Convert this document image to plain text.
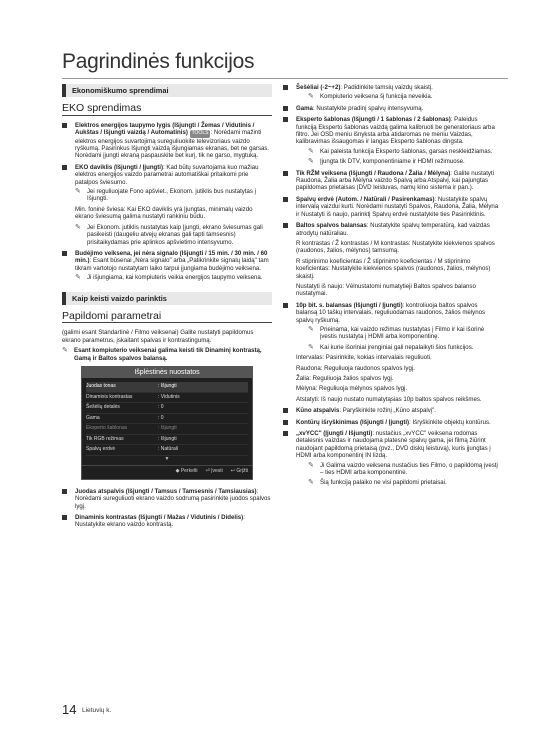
Pagrindinės funkcijos
Ekonomiškumo sprendimai
EKO sprendimas
Elektros energijos taupymo lygis (Išjungti / Žemas / Vidutinis / Aukštas / Išjungti vaizdą / Automatinis) TOOLS : Norėdami mažinti elektros energijos suvartojimą sureguliuokite televizoriaus vaizdo ryškumą. Pasirinkus Išjungti vaizdą išjungiamas ekranas, bet ne garsas. Norėdami įjungti ekraną paspauskite bet kurį, tik ne garso, mygtuką.
EKO daviklis (Išjungti / Įjungti): Kad būtų suvartojama kuo mažiau elektros energijos vaizdo parametrai automatiškai pritaikomi prie patalpos šviesumo.
✎ Jei reguliuojate Fono apšviet., Ekonom. jutiklis bus nustatytas į Išjungti.
Min. foninė šviesa: Kai EKO daviklis yra Įjungtas, minimalų vaizdo ekrano šviesumą galima nustatyti rankiniu būdu.
✎ Jei Ekonom. jutiklis nustatytas kaip Įjungti, ekrano šviesumas gali pasikeisti (daugeliu atvejų ekranas gali tapti tamsesnis) prisitaikydamas prie aplinkos apšvietimo intensyvumo.
Budėjimo veiksena, jei nėra signalo (Išjungti / 15 min. / 30 min. / 60 min.): Esant būsenai „Nėra signalo" arba „Patikrinkite signalų laidą" tam tikram vartotojo nustatytam laiko tarpui įjungiama budėjimo veiksena.
✎ Ji išjungiama, kai kompiuteris veikia energijos taupymo veiksena.
Kaip keisti vaizdo parinktis
Papildomi parametrai
(galimi esant Standartinė / Filmo veiksenai) Galite nustatyti papildomus ekrano parametrus, įskaitant spalvas ir kontrastingumą.
✎ Esant kompiuterio veiksenai galima keisti tik Dinaminį kontrastą, Gamą ir Baltos spalvos balansą.
Išplėstinės nuostatos
Juodas tonas	: Išjungti
Dinaminis kontrastas	: Vidutinis
Šešėlių detalės	: 0
Gama	: 0
Eksperto šablonas	: Išjungti
Tik RGB režimas	: Išjungti
Spalvų erdvė	: Natūrali
▼
◆ Perkelti ⏎ Įvesti ↩ Grįžti
Juodas atspalvis (Išjungti / Tamsus / Tamsesnis / Tamsiausias): Norėdami sureguliuoti ekrano vaizdo sodrumą pasirinkite juodos spalvos lygį.
Dinaminis kontrastas (Išjungti / Mažas / Vidutinis / Didelis): Nustatykite ekrano vaizdo kontrastą.
Šešėliai (-2~+2): Padidinkite tamsių vaizdų skaistį.
✎ Kompiuterio veiksena šį funkcija neveikia.
Gama: Nustatykite pradinį spalvų intensyvumą.
Eksperto šablonas (Išjungti / 1 šablonas / 2 šablonas): Paleidus funkciją Eksperto šablonas vaizdą galima kalibruoti be generatoriaus arba filtro. Jei OSD meniu išnyksta arba atidaromas ne meniu Vaizdas, kalibravimas išsaugomas ir langas Eksperto šablonas dingsta.
✎ Kai paleista funkcija Eksperto šablonas, garsas neskleidžiamas.
✎ Įjungta tik DTV, komponentiniame ir HDMI režimuose.
Tik RŽM veiksena (Išjungti / Raudona / Žalia / Mėlyna): Galite nustatyti Raudona, Žalia arba Mėlyna vaizdo Spalvą arba Atspalvį, kai pajungtas papildomas prietaisas (DVD leistuvas, namų kino sistema ir pan.).
Spalvų erdvė (Autom. / Natūrali / Pasirenkamas): Nustatykite spalvų intervalą vaizdui kurti. Norėdami nustatyti Spalvos, Raudona, Žalia, Mėlyna ir Nustatyti iš naujo, parinktį Spalvų erdvė nustatykite ties Pasirinktinis.
Baltos spalvos balansas: Nustatykite spalvų temperatūrą, kad vaizdas atrodytų natūraliau.
R kontrastas / Ž kontrastas / M kontrastas: Nustatykite kiekvienos spalvos (raudonos, žalios, mėlynos) tamsumą.
R stiprinimo koeficientas / Ž stiprinimo koeficientas / M stiprinimo koeficientas: Nustatykite kiekvienos spalvos (raudonos, žalios, mėlynos) skaistį.
Nustatyti iš naujo: Vėlnustatomi numatytieji Baltos spalvos balanso nustatymai.
10p bit. s. balansas (Išjungti / Įjungti): kontroliuoja baltos spalvos balansą 10 taškų intervalais, reguliuodamas raudonos, žalios mėlynos spalvų ryškumą.
✎ Prieinama, kai vaizdo režimas nustatytas į Filmo ir kai išorinė įvestis nustatyta į HDMI arba komponentinę.
✎ Kai kurie išoriniai įrenginiai gali nepalaikyti šios funkcijos.
Intervalas: Pasirinkite, kokias intervalais reguliuoti.
Raudona: Reguliuoja raudonos spalvos lygį.
Žalia: Reguliuoja žalios spalvos lygį.
Mėlyna: Reguliuoja mėlynos spalvos lygį.
Atstatyti: Iš naujo nustato numatytąsias 10p baltos spalvos reikšmes.
Kūno atspalvis: Paryškinkite rožinį „Kūno atspalvį".
Kontūrų išryškinimas (Išjungti / Įjungti): Išryškinkite objektų kontūrus.
„xvYCC" (Įjungti / Išjungti): nustačius „xvYCC" veiksena rodomas detalesnis vaizdas ir naudojama platesnė spalvų gama, jei filmą žiūrint naudojant papildomą prietaisą (pvz., DVD diskų leistuvą), kuris įjungtas į HDMI arba komponentinį IN lizdą.
✎ Ji Galima vaizdo veiksena nustačius ties Filmo, o papildomą įvestį – ties HDMI arba komponentinė.
✎ Šią funkciją palaiko ne visi papildomi prietaisai.
14 Lietuvių k.
